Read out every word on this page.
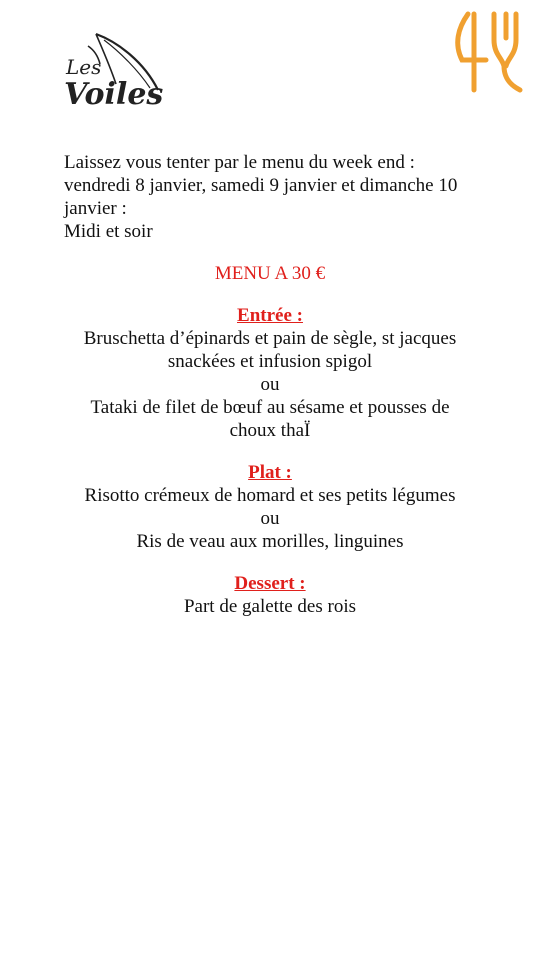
Les
Voiles

Laissez vous tenter par le menu du week end :

vendredi 8 janvier, samedi 9 janvier et dimanche 10

janvier :

Midi et soir

MENU A 30 €

Entrée :

Bruschetta d’épinards et pain de sègle, st jacques

snackées et infusion spigol

ou

Tataki de filet de bœuf au sésame et pousses de

choux thaÏ

Plat :

Risotto crémeux de homard et ses petits légumes

ou

Ris de veau aux morilles, linguines

Dessert :

Part de galette des rois
